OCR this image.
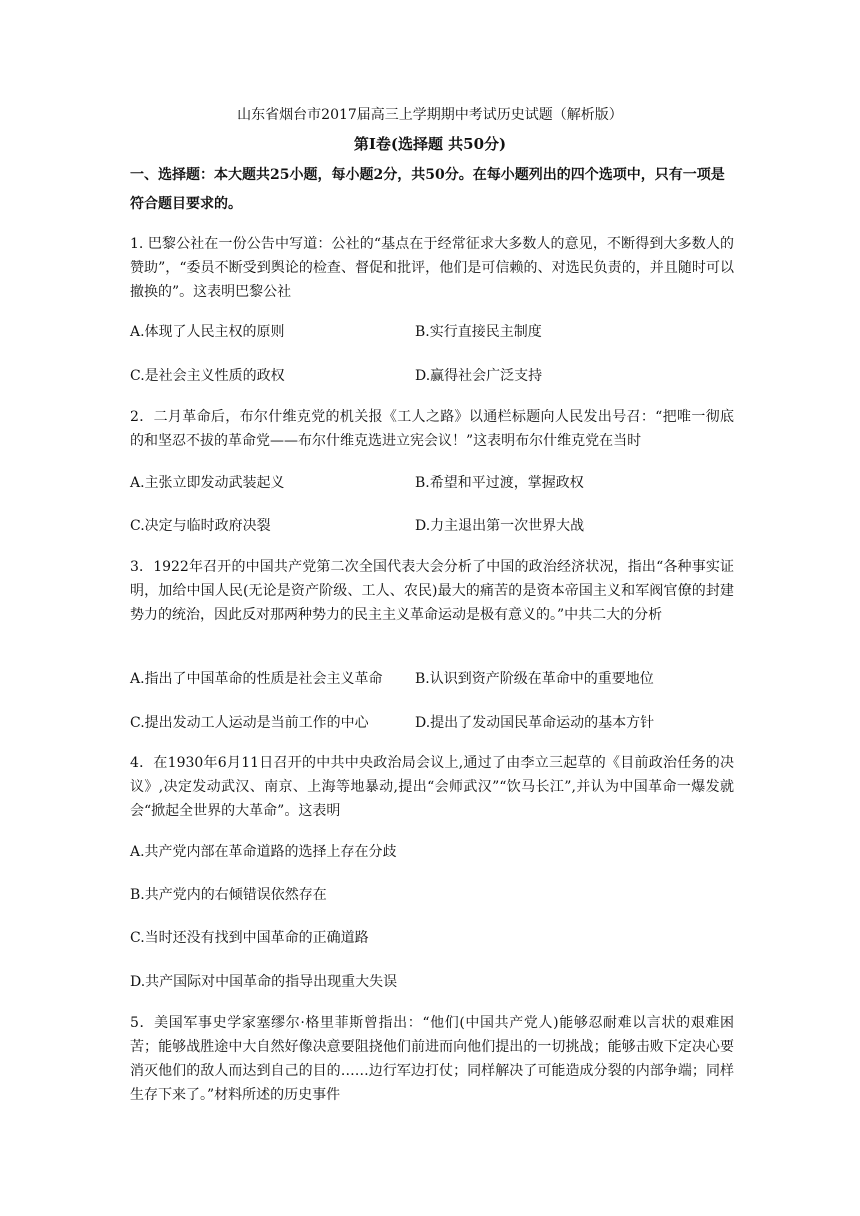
山东省烟台市2017届高三上学期期中考试历史试题（解析版）
第Ⅰ卷(选择题 共50分)
一、选择题：本大题共25小题，每小题2分，共50分。在每小题列出的四个选项中，只有一项是符合题目要求的。
1. 巴黎公社在一份公告中写道：公社的“基点在于经常征求大多数人的意见，不断得到大多数人的赞助”，“委员不断受到舆论的检查、督促和批评，他们是可信赖的、对选民负责的，并且随时可以撤换的”。这表明巴黎公社
A.体现了人民主权的原则	B.实行直接民主制度
C.是社会主义性质的政权	D.赢得社会广泛支持
2．二月革命后，布尔什维克党的机关报《工人之路》以通栏标题向人民发出号召：“把唯一彻底的和坚忍不拔的革命党——布尔什维克选进立宪会议！”这表明布尔什维克党在当时
A.主张立即发动武装起义	B.希望和平过渡，掌握政权
C.决定与临时政府决裂	D.力主退出第一次世界大战
3．1922年召开的中国共产党第二次全国代表大会分析了中国的政治经济状况，指出“各种事实证明，加给中国人民(无论是资产阶级、工人、农民)最大的痛苦的是资本帝国主义和军阀官僚的封建势力的统治，因此反对那两种势力的民主主义革命运动是极有意义的。”中共二大的分析
A.指出了中国革命的性质是社会主义革命 B.认识到资产阶级在革命中的重要地位
C.提出发动工人运动是当前工作的中心	D.提出了发动国民革命运动的基本方针
4．在1930年6月11日召开的中共中央政治局会议上,通过了由李立三起草的《目前政治任务的决议》,决定发动武汉、南京、上海等地暴动,提出“会师武汉”“饮马长江”,并认为中国革命一爆发就会“掀起全世界的大革命”。这表明
A.共产党内部在革命道路的选择上存在分歧
B.共产党内的右倾错误依然存在
C.当时还没有找到中国革命的正确道路
D.共产国际对中国革命的指导出现重大失误
5．美国军事史学家塞缪尔·格里菲斯曾指出：“他们(中国共产党人)能够忍耐难以言状的艰难困苦；能够战胜途中大自然好像决意要阻挠他们前进而向他们提出的一切挑战；能够击败下定决心要消灭他们的敌人而达到自己的目的……边行军边打仗；同样解决了可能造成分裂的内部争端；同样生存下来了。”材料所述的历史事件
